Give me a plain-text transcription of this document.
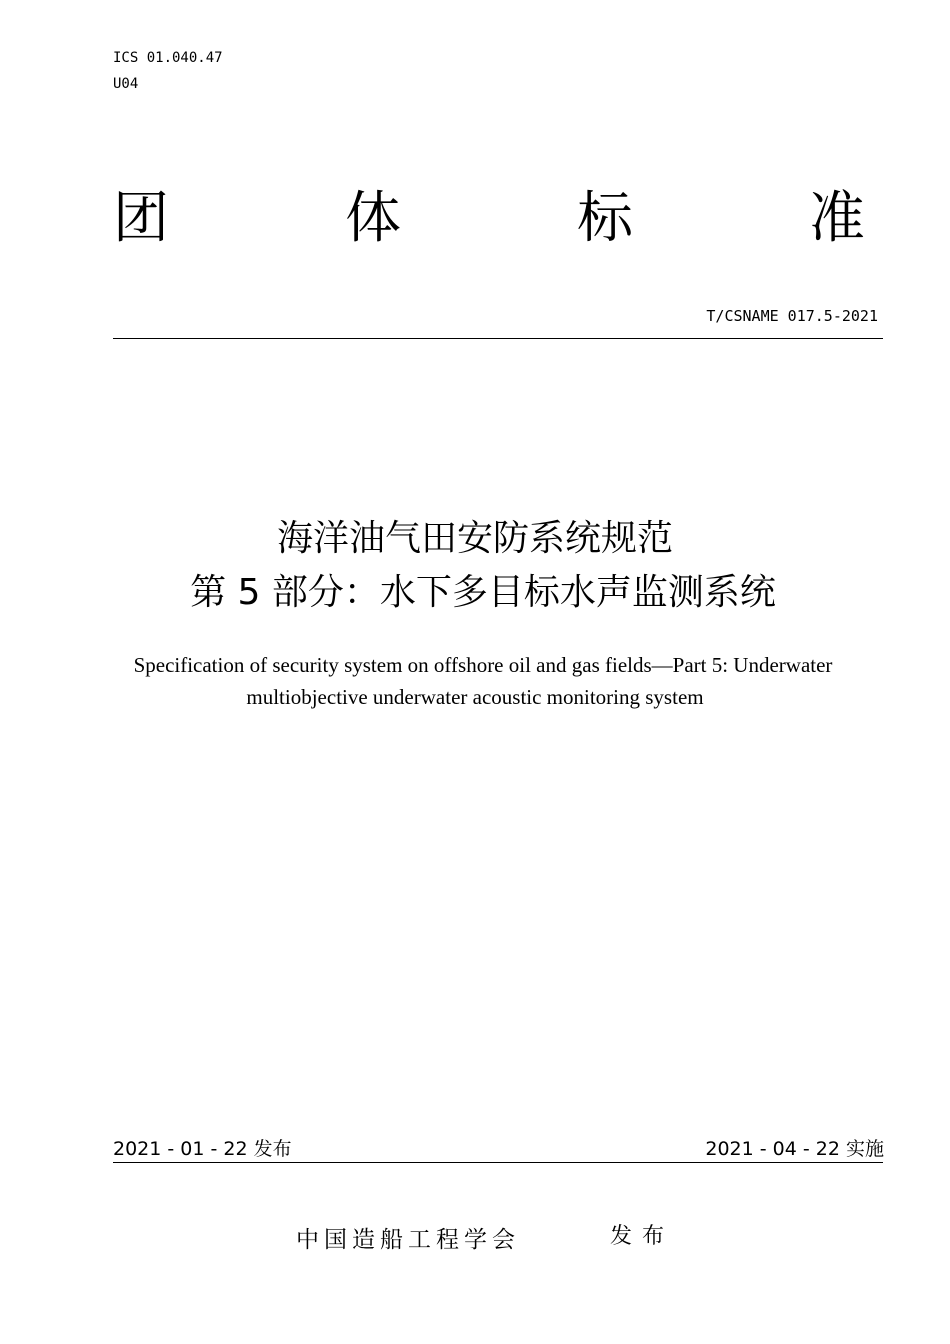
ICS 01.040.47
U04
团	体	标	准
T/CSNAME 017.5-2021
海洋油气田安防系统规范
第 5 部分：水下多目标水声监测系统
Specification of security system on offshore oil and gas fields—Part 5: Underwater
multiobjective underwater acoustic monitoring system
2021 - 01 - 22 发布	2021 - 04 - 22 实施
中国造船工程学会	发布
